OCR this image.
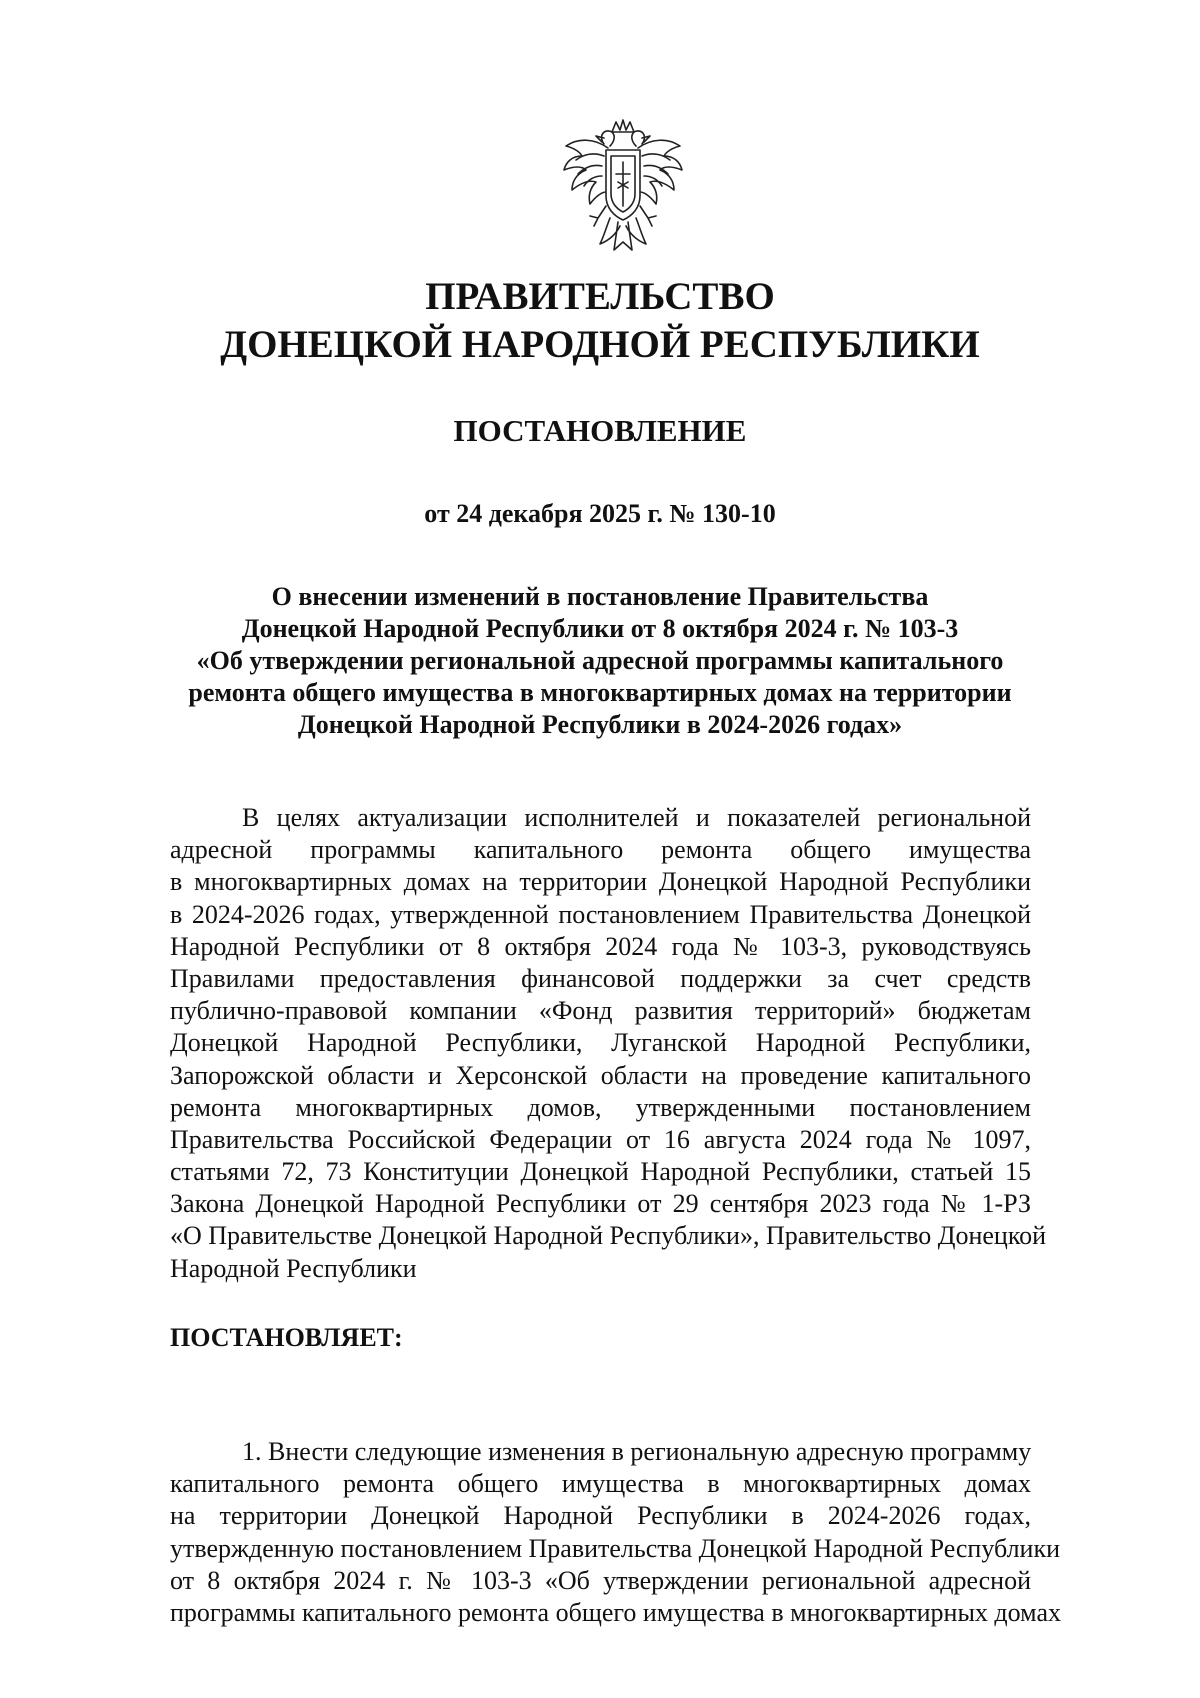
ПРАВИТЕЛЬСТВО
ДОНЕЦКОЙ НАРОДНОЙ РЕСПУБЛИКИ
ПОСТАНОВЛЕНИЕ

от 24 декабря 2025 г. № 130-10

О внесении изменений в постановление Правительства
Донецкой Народной Республики от 8 октября 2024 г. № 103-3
«Об утверждении региональной адресной программы капитального
ремонта общего имущества в многоквартирных домах на территории
Донецкой Народной Республики в 2024-2026 годах»
В целях актуализации исполнителей и показателей региональной
адресной программы капитального ремонта общего имущества
в многоквартирных домах на территории Донецкой Народной Республики
в 2024-2026 годах, утвержденной постановлением Правительства Донецкой
Народной Республики от 8 октября 2024 года № 103-3, руководствуясь
Правилами предоставления финансовой поддержки за счет средств
публично-правовой компании «Фонд развития территорий» бюджетам
Донецкой Народной Республики, Луганской Народной Республики,
Запорожской области и Херсонской области на проведение капитального
ремонта многоквартирных домов, утвержденными постановлением
Правительства Российской Федерации от 16 августа 2024 года № 1097,
статьями 72, 73 Конституции Донецкой Народной Республики, статьей 15
Закона Донецкой Народной Республики от 29 сентября 2023 года № 1-РЗ
«О Правительстве Донецкой Народной Республики», Правительство Донецкой
Народной Республики

ПОСТАНОВЛЯЕТ:

1. Внести следующие изменения в региональную адресную программу
капитального ремонта общего имущества в многоквартирных домах
на территории Донецкой Народной Республики в 2024-2026 годах,
утвержденную постановлением Правительства Донецкой Народной Республики
от 8 октября 2024 г. № 103-3 «Об утверждении региональной адресной
программы капитального ремонта общего имущества в многоквартирных домах
